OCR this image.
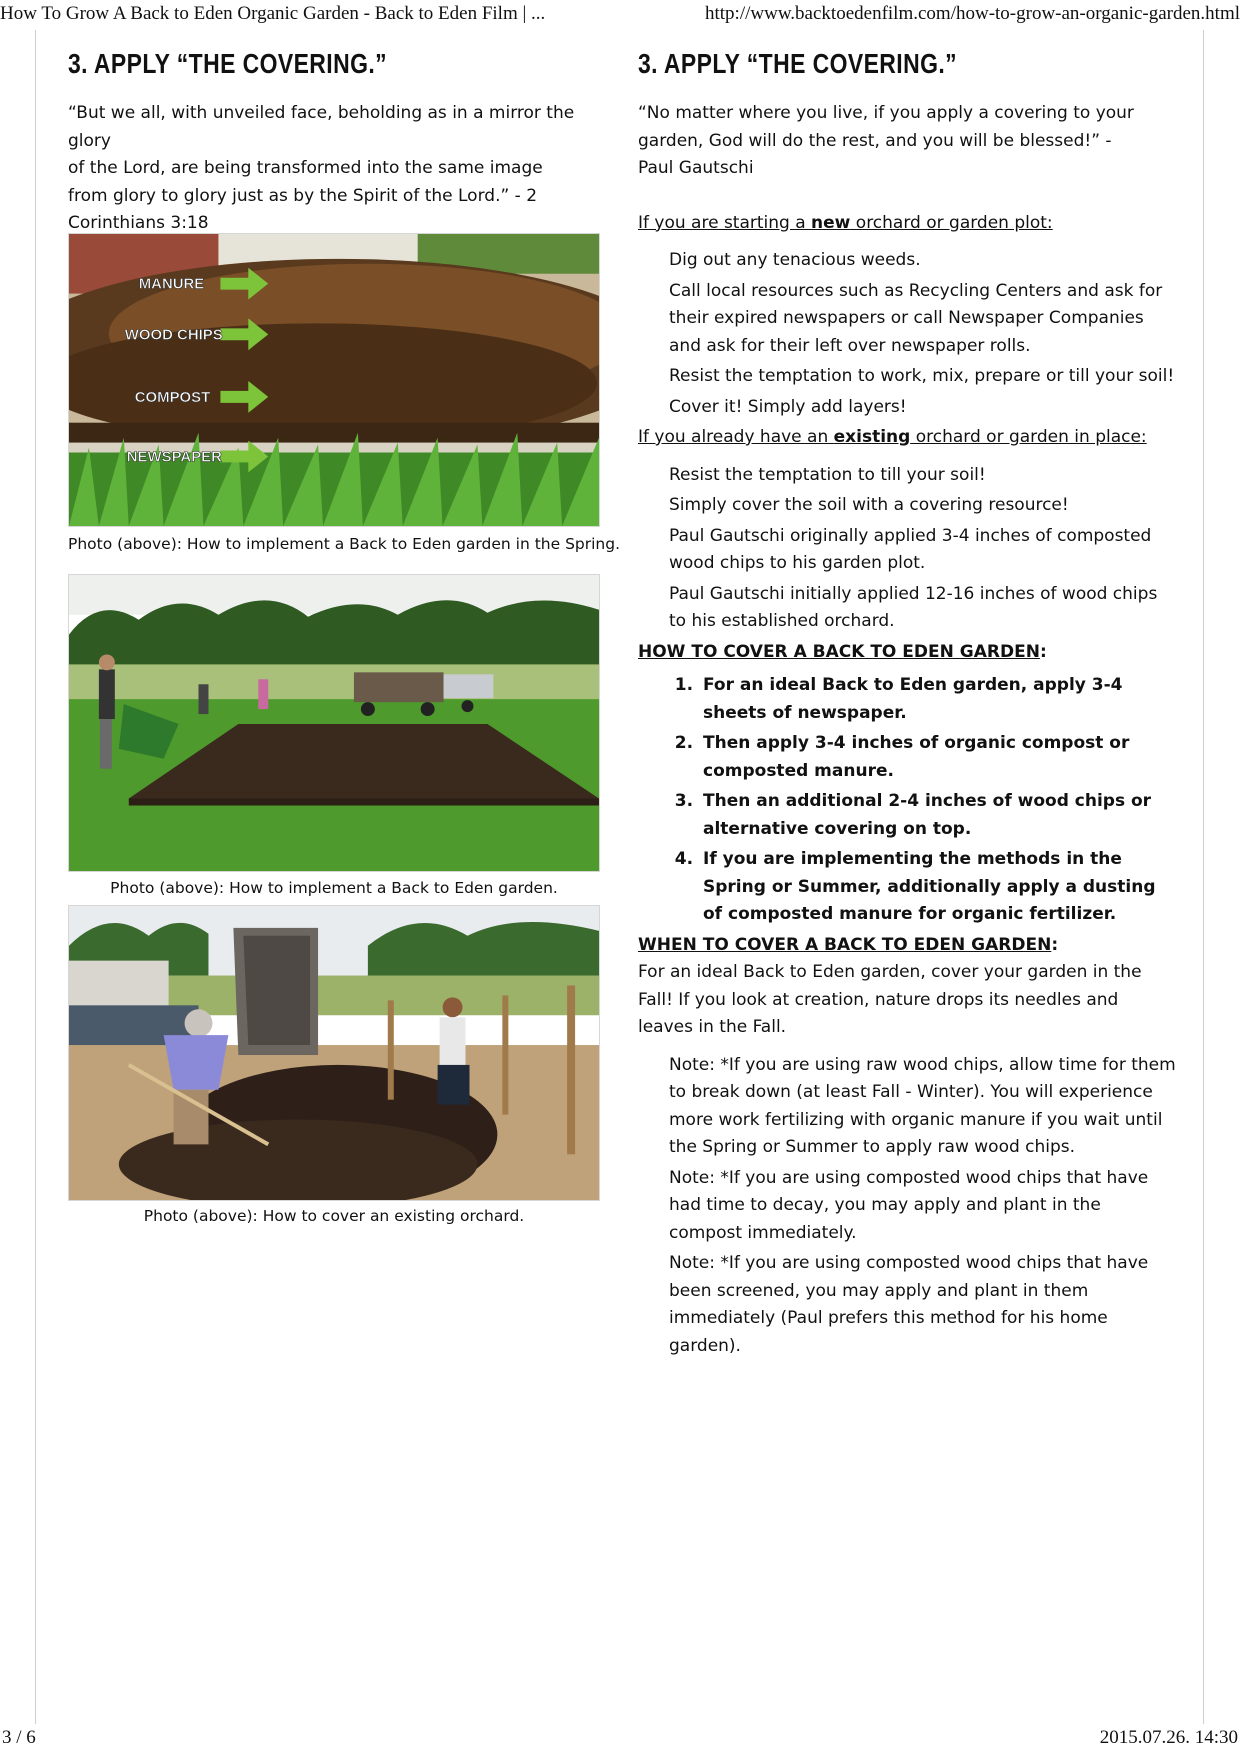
How To Grow A Back to Eden Organic Garden - Back to Eden Film | ...	http://www.backtoedenfilm.com/how-to-grow-an-organic-garden.html
3. APPLY “THE COVERING.”
“But we all, with unveiled face, beholding as in a mirror the glory
of the Lord, are being transformed into the same image
from glory to glory just as by the Spirit of the Lord.” - 2
Corinthians 3:18
MANURE
WOOD CHIPS
COMPOST
NEWSPAPER
Photo (above): How to implement a Back to Eden garden in the Spring.
Photo (above): How to implement a Back to Eden garden.
Photo (above): How to cover an existing orchard.
3. APPLY “THE COVERING.”

“No matter where you live, if you apply a covering to your
garden, God will do the rest, and you will be blessed!” -
Paul Gautschi

If you are starting a new orchard or garden plot:

Dig out any tenacious weeds.
Call local resources such as Recycling Centers and ask for their expired newspapers or call Newspaper Companies and ask for their left over newspaper rolls.
Resist the temptation to work, mix, prepare or till your soil!
Cover it! Simply add layers!

If you already have an existing orchard or garden in place:

Resist the temptation to till your soil!
Simply cover the soil with a covering resource!
Paul Gautschi originally applied 3-4 inches of composted wood chips to his garden plot.
Paul Gautschi initially applied 12-16 inches of wood chips to his established orchard.

HOW TO COVER A BACK TO EDEN GARDEN:

1. For an ideal Back to Eden garden, apply 3-4 sheets of newspaper.
2. Then apply 3-4 inches of organic compost or composted manure.
3. Then an additional 2-4 inches of wood chips or alternative covering on top.
4. If you are implementing the methods in the Spring or Summer, additionally apply a dusting of composted manure for organic fertilizer.

WHEN TO COVER A BACK TO EDEN GARDEN:

For an ideal Back to Eden garden, cover your garden in the Fall! If you look at creation, nature drops its needles and leaves in the Fall.

Note: *If you are using raw wood chips, allow time for them to break down (at least Fall - Winter). You will experience more work fertilizing with organic manure if you wait until the Spring or Summer to apply raw wood chips.
Note: *If you are using composted wood chips that have had time to decay, you may apply and plant in the compost immediately.
Note: *If you are using composted wood chips that have been screened, you may apply and plant in them immediately (Paul prefers this method for his home garden).
3 / 6	2015.07.26. 14:30
